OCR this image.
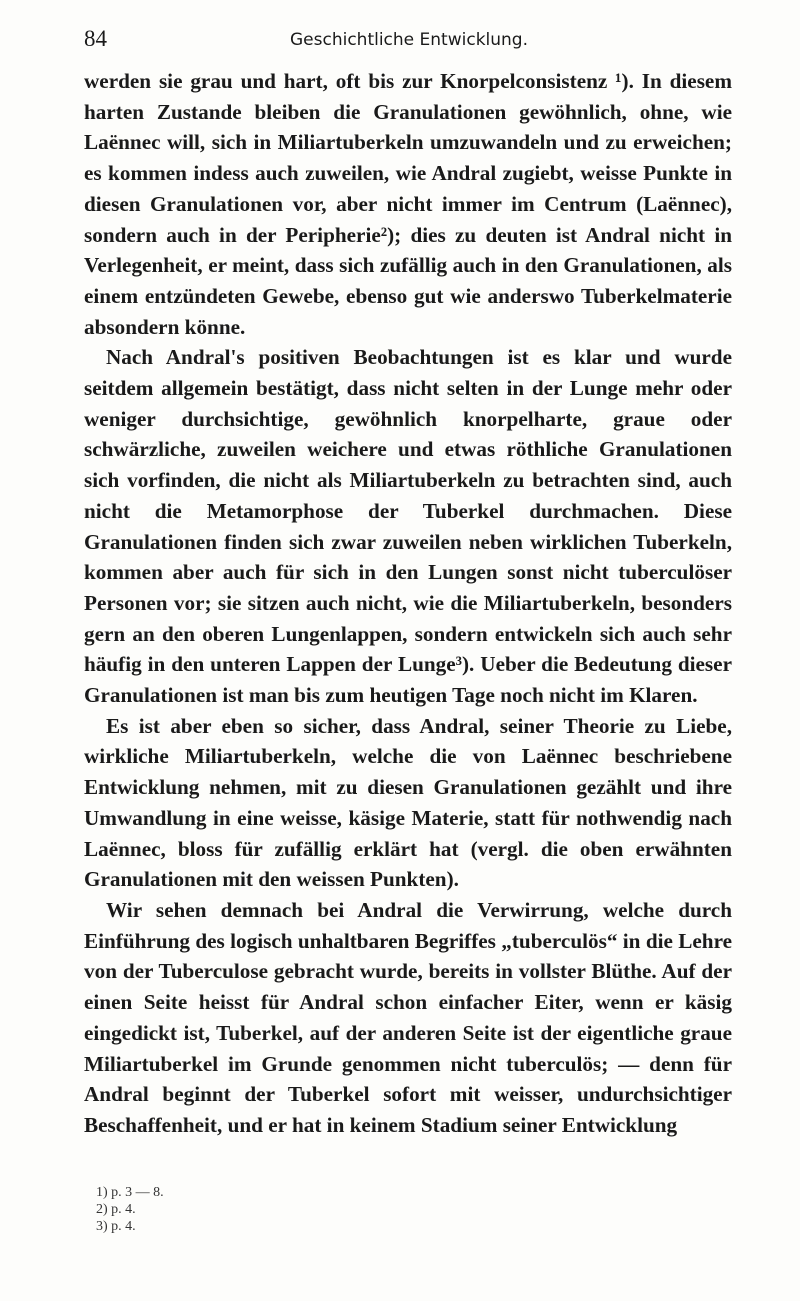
84	Geschichtliche Entwicklung.

werden sie grau und hart, oft bis zur Knorpelconsistenz ¹). In diesem harten Zustande bleiben die Granulationen gewöhnlich, ohne, wie Laënnec will, sich in Miliartuberkeln umzuwandeln und zu erweichen; es kommen indess auch zuweilen, wie Andral zugiebt, weisse Punkte in diesen Granulationen vor, aber nicht immer im Centrum (Laënnec), sondern auch in der Peripherie²); dies zu deuten ist Andral nicht in Verlegenheit, er meint, dass sich zufällig auch in den Granulationen, als einem entzündeten Gewebe, ebenso gut wie anderswo Tuberkelmaterie absondern könne.

Nach Andral's positiven Beobachtungen ist es klar und wurde seitdem allgemein bestätigt, dass nicht selten in der Lunge mehr oder weniger durchsichtige, gewöhnlich knorpelharte, graue oder schwärzliche, zuweilen weichere und etwas röthliche Granulationen sich vorfinden, die nicht als Miliartuberkeln zu betrachten sind, auch nicht die Metamorphose der Tuberkel durchmachen. Diese Granulationen finden sich zwar zuweilen neben wirklichen Tuberkeln, kommen aber auch für sich in den Lungen sonst nicht tuberculöser Personen vor; sie sitzen auch nicht, wie die Miliartuberkeln, besonders gern an den oberen Lungenlappen, sondern entwickeln sich auch sehr häufig in den unteren Lappen der Lunge³). Ueber die Bedeutung dieser Granulationen ist man bis zum heutigen Tage noch nicht im Klaren.

Es ist aber eben so sicher, dass Andral, seiner Theorie zu Liebe, wirkliche Miliartuberkeln, welche die von Laënnec beschriebene Entwicklung nehmen, mit zu diesen Granulationen gezählt und ihre Umwandlung in eine weisse, käsige Materie, statt für nothwendig nach Laënnec, bloss für zufällig erklärt hat (vergl. die oben erwähnten Granulationen mit den weissen Punkten).

Wir sehen demnach bei Andral die Verwirrung, welche durch Einführung des logisch unhaltbaren Begriffes „tuberculös“ in die Lehre von der Tuberculose gebracht wurde, bereits in vollster Blüthe. Auf der einen Seite heisst für Andral schon einfacher Eiter, wenn er käsig eingedickt ist, Tuberkel, auf der anderen Seite ist der eigentliche graue Miliartuberkel im Grunde genommen nicht tuberculös; — denn für Andral beginnt der Tuberkel sofort mit weisser, undurchsichtiger Beschaffenheit, und er hat in keinem Stadium seiner Entwicklung

1) p. 3 — 8.
2) p. 4.
3) p. 4.
